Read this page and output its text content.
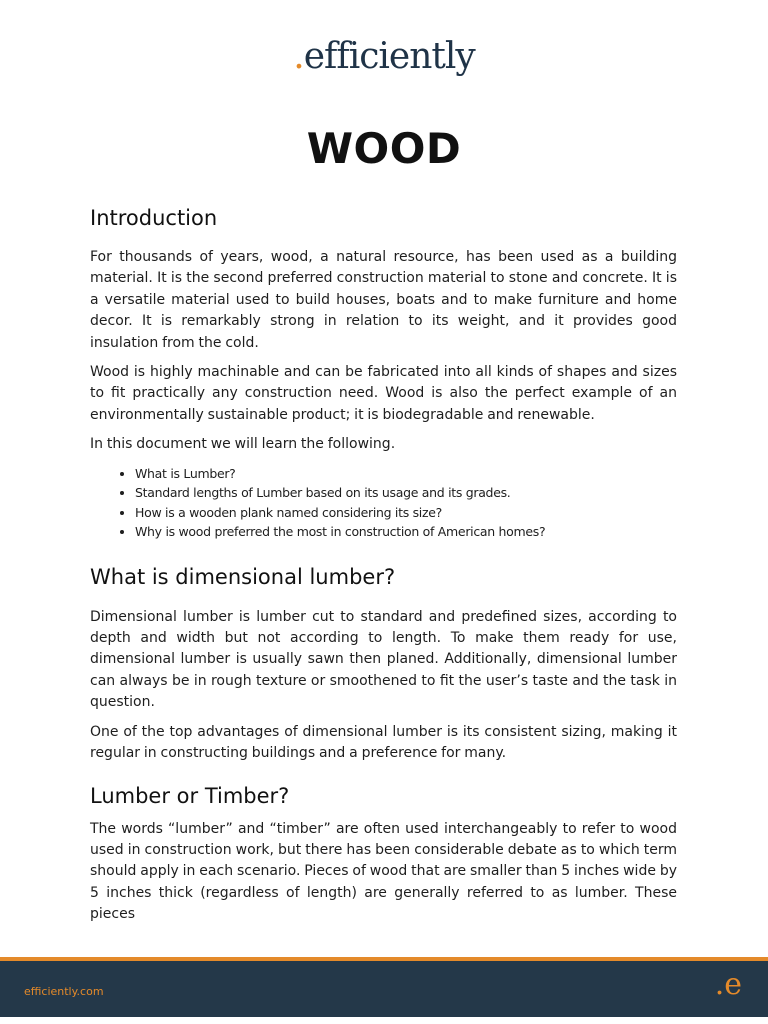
.efficiently
WOOD
Introduction

For thousands of years, wood, a natural resource, has been used as a building material. It is the second preferred construction material to stone and concrete. It is a versatile material used to build houses, boats and to make furniture and home decor. It is remarkably strong in relation to its weight, and it provides good insulation from the cold.

Wood is highly machinable and can be fabricated into all kinds of shapes and sizes to fit practically any construction need. Wood is also the perfect example of an environmentally sustainable product; it is biodegradable and renewable.

In this document we will learn the following.

• What is Lumber?
• Standard lengths of Lumber based on its usage and its grades.
• How is a wooden plank named considering its size?
• Why is wood preferred the most in construction of American homes?
What is dimensional lumber?

Dimensional lumber is lumber cut to standard and predefined sizes, according to depth and width but not according to length. To make them ready for use, dimensional lumber is usually sawn then planed. Additionally, dimensional lumber can always be in rough texture or smoothened to fit the user’s taste and the task in question.

One of the top advantages of dimensional lumber is its consistent sizing, making it regular in constructing buildings and a preference for many.

Lumber or Timber?

The words “lumber” and “timber” are often used interchangeably to refer to wood used in construction work, but there has been considerable debate as to which term should apply in each scenario. Pieces of wood that are smaller than 5 inches wide by 5 inches thick (regardless of length) are generally referred to as lumber. These pieces

efficiently.com	.e
